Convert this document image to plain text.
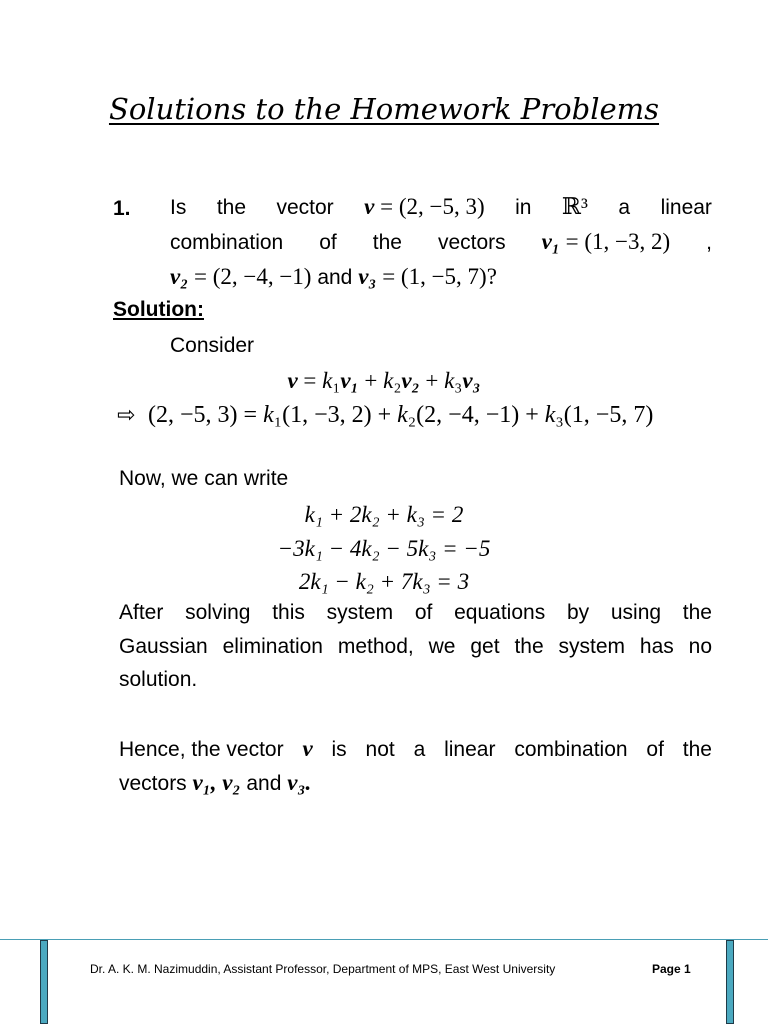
Solutions to the Homework Problems
1. Is the vector v = (2, −5, 3) in ℝ³ a linear
combination of the vectors v₁ = (1, −3, 2) ,
v₂ = (2, −4, −1) and v₃ = (1, −5, 7)?
Solution:
Consider
v = k₁v₁ + k₂v₂ + k₃v₃
⇨ (2, −5, 3) = k₁(1, −3, 2) + k₂(2, −4, −1) + k₃(1, −5, 7)
Now, we can write
k₁ + 2k₂ + k₃ = 2
−3k₁ − 4k₂ − 5k₃ = −5
2k₁ − k₂ + 7k₃ = 3
After solving this system of equations by using the
Gaussian elimination method, we get the system has no
solution.
Hence, the vector v is not a linear combination of the
vectors v₁, v₂ and v₃.
Dr. A. K. M. Nazimuddin, Assistant Professor, Department of MPS, East West University	Page 1
